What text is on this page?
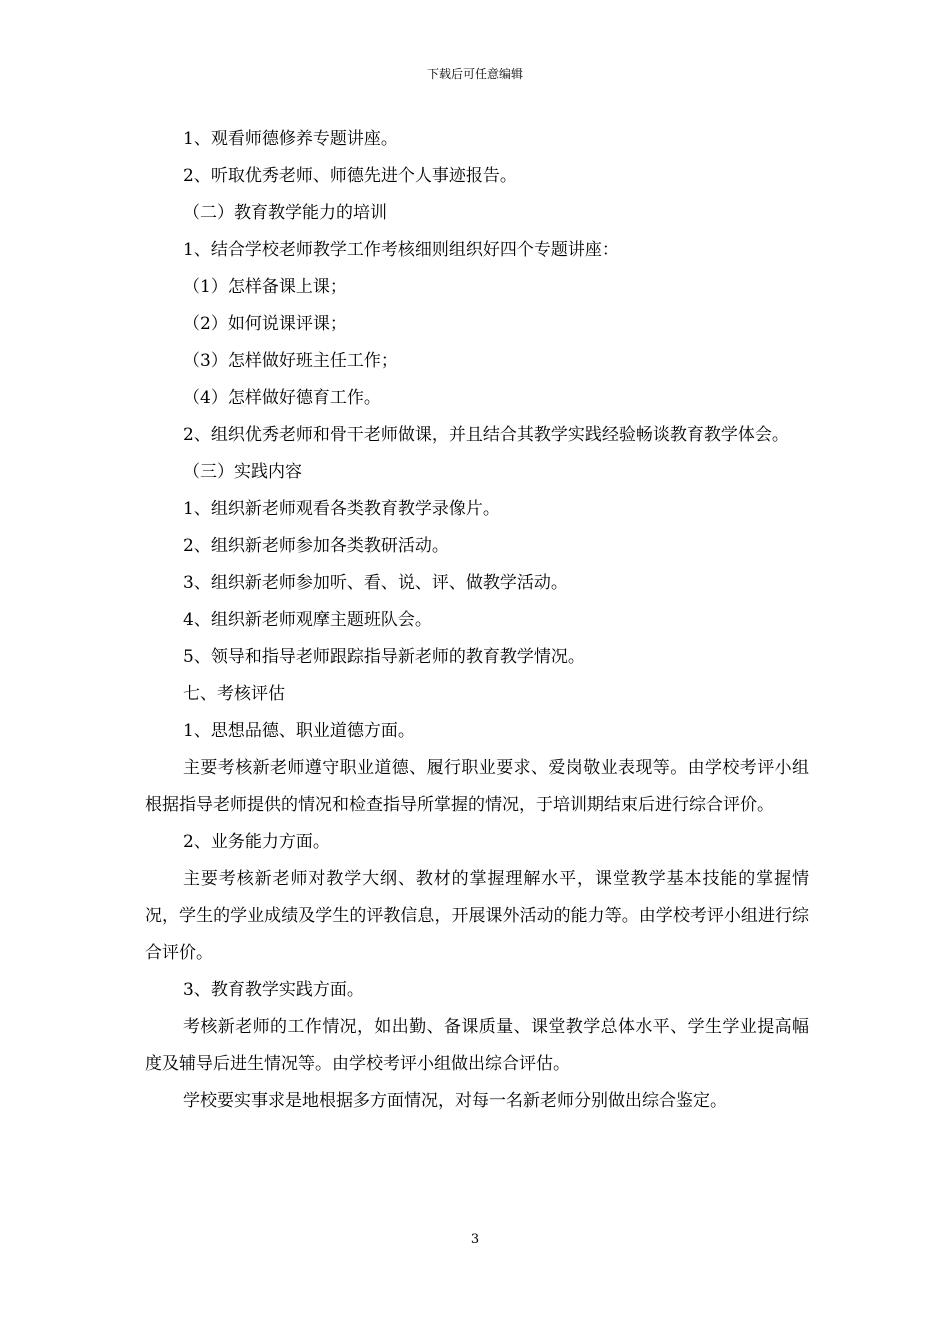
下载后可任意编辑

1、观看师德修养专题讲座。

2、听取优秀老师、师德先进个人事迹报告。

（二）教育教学能力的培训

1、结合学校老师教学工作考核细则组织好四个专题讲座：

（1）怎样备课上课；

（2）如何说课评课；

（3）怎样做好班主任工作；

（4）怎样做好德育工作。

2、组织优秀老师和骨干老师做课，并且结合其教学实践经验畅谈教育教学体会。

（三）实践内容

1、组织新老师观看各类教育教学录像片。

2、组织新老师参加各类教研活动。

3、组织新老师参加听、看、说、评、做教学活动。

4、组织新老师观摩主题班队会。

5、领导和指导老师跟踪指导新老师的教育教学情况。

七、考核评估

1、思想品德、职业道德方面。

主要考核新老师遵守职业道德、履行职业要求、爱岗敬业表现等。由学校考评小组根据指导老师提供的情况和检查指导所掌握的情况，于培训期结束后进行综合评价。

2、业务能力方面。

主要考核新老师对教学大纲、教材的掌握理解水平，课堂教学基本技能的掌握情况，学生的学业成绩及学生的评教信息，开展课外活动的能力等。由学校考评小组进行综合评价。

3、教育教学实践方面。

考核新老师的工作情况，如出勤、备课质量、课堂教学总体水平、学生学业提高幅度及辅导后进生情况等。由学校考评小组做出综合评估。

学校要实事求是地根据多方面情况，对每一名新老师分别做出综合鉴定。

3
